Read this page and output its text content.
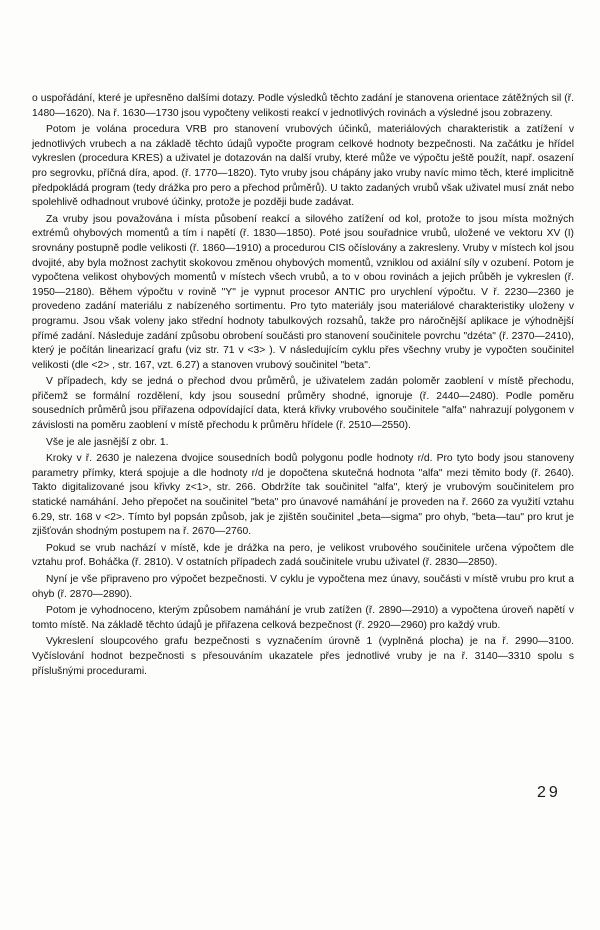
o uspořádání, které je upřesněno dalšími dotazy. Podle výsledků těchto zadání je stanovena orientace zátěžných sil (ř. 1480—1620). Na ř. 1630—1730 jsou vypočteny velikosti reakcí v jednotlivých rovinách a výsledné jsou zobrazeny.

Potom je volána procedura VRB pro stanovení vrubových účinků, materiálových charakteristik a zatížení v jednotlivých vrubech a na základě těchto údajů vypočte program celkové hodnoty bezpečnosti. Na začátku je hřídel vykreslen (procedura KRES) a uživatel je dotazován na další vruby, které může ve výpočtu ještě použít, např. osazení pro segrovku, příčná díra, apod. (ř. 1770—1820). Tyto vruby jsou chápány jako vruby navíc mimo těch, které implicitně předpokládá program (tedy drážka pro pero a přechod průměrů). U takto zadaných vrubů však uživatel musí znát nebo spolehlivě odhadnout vrubové účinky, protože je později bude zadávat.

Za vruby jsou považována i místa působení reakcí a silového zatížení od kol, protože to jsou místa možných extrémů ohybových momentů a tím i napětí (ř. 1830—1850). Poté jsou souřadnice vrubů, uložené ve vektoru XV (I) srovnány postupně podle velikosti (ř. 1860—1910) a procedurou CIS očíslovány a zakresleny. Vruby v místech kol jsou dvojité, aby byla možnost zachytit skokovou změnou ohybových momentů, vzniklou od axiální síly v ozubení. Potom je vypočtena velikost ohybových momentů v místech všech vrubů, a to v obou rovinách a jejich průběh je vykreslen (ř. 1950—2180). Během výpočtu v rovině "Y" je vypnut procesor ANTIC pro urychlení výpočtu. V ř. 2230—2360 je provedeno zadání materiálu z nabízeného sortimentu. Pro tyto materiály jsou materiálové charakteristiky uloženy v programu. Jsou však voleny jako střední hodnoty tabulkových rozsahů, takže pro náročnější aplikace je výhodnější přímé zadání. Následuje zadání způsobu obrobení součásti pro stanovení součinitele povrchu "dzéta" (ř. 2370—2410), který je počítán linearizací grafu (viz str. 71 v <3> ). V následujícím cyklu přes všechny vruby je vypočten součinitel velikosti (dle <2> , str. 167, vzt. 6.27) a stanoven vrubový součinitel "beta".

V případech, kdy se jedná o přechod dvou průměrů, je uživatelem zadán poloměr zaoblení v místě přechodu, přičemž se formální rozdělení, kdy jsou sousední průměry shodné, ignoruje (ř. 2440—2480). Podle poměru sousedních průměrů jsou přiřazena odpovídající data, která křivky vrubového součinitele "alfa" nahrazují polygonem v závislosti na poměru zaoblení v místě přechodu k průměru hřídele (ř. 2510—2550).

Vše je ale jasnější z obr. 1.

Kroky v ř. 2630 je nalezena dvojice sousedních bodů polygonu podle hodnoty r/d. Pro tyto body jsou stanoveny parametry přímky, která spojuje a dle hodnoty r/d je dopočtena skutečná hodnota "alfa" mezi těmito body (ř. 2640). Takto digitalizované jsou křivky z<1>, str. 266. Obdržíte tak součinitel "alfa", který je vrubovým součinitelem pro statické namáhání. Jeho přepočet na součinitel "beta" pro únavové namáhání je proveden na ř. 2660 za využití vztahu 6.29, str. 168 v <2>. Tímto byl popsán způsob, jak je zjištěn součinitel „beta—sigma" pro ohyb, "beta—tau" pro krut je zjišťován shodným postupem na ř. 2670—2760.

Pokud se vrub nachází v místě, kde je drážka na pero, je velikost vrubového součinitele určena výpočtem dle vztahu prof. Boháčka (ř. 2810). V ostatních případech zadá součinitele vrubu uživatel (ř. 2830—2850).

Nyní je vše připraveno pro výpočet bezpečnosti. V cyklu je vypočtena mez únavy, součásti v místě vrubu pro krut a ohyb (ř. 2870—2890).

Potom je vyhodnoceno, kterým způsobem namáhání je vrub zatížen (ř. 2890—2910) a vypočtena úroveň napětí v tomto místě. Na základě těchto údajů je přiřazena celková bezpečnost (ř. 2920—2960) pro každý vrub.

Vykreslení sloupcového grafu bezpečnosti s vyznačením úrovně 1 (vyplněná plocha) je na ř. 2990—3100. Vyčíslování hodnot bezpečnosti s přesouváním ukazatele přes jednotlivé vruby je na ř. 3140—3310 spolu s příslušnými procedurami.

29
